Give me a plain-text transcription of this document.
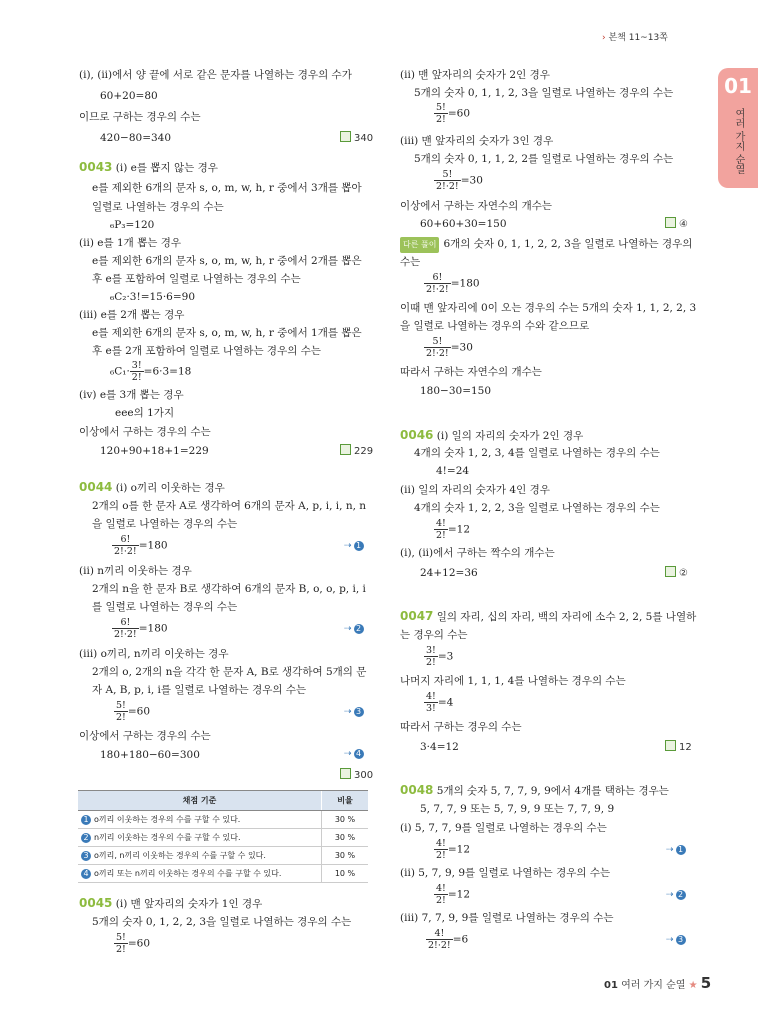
› 본책 11~13쪽
01
여러 가지 순열
(i), (ii)에서 양 끝에 서로 같은 문자를 나열하는 경우의 수가
60+20=80
이므로 구하는 경우의 수는
420−80=340	340
0043 (i) e를 뽑지 않는 경우
e를 제외한 6개의 문자 s, o, m, w, h, r 중에서 3개를 뽑아
일렬로 나열하는 경우의 수는
₆P₃=120
(ii) e를 1개 뽑는 경우
e를 제외한 6개의 문자 s, o, m, w, h, r 중에서 2개를 뽑은
후 e를 포함하여 일렬로 나열하는 경우의 수는
₆C₂·3!=15·6=90
(iii) e를 2개 뽑는 경우
e를 제외한 6개의 문자 s, o, m, w, h, r 중에서 1개를 뽑은
후 e를 2개 포함하여 일렬로 나열하는 경우의 수는
$_6C_1\cdot \frac{3!}{2!} =6\cdot 3=18$
(iv) e를 3개 뽑는 경우
eee의 1가지
이상에서 구하는 경우의 수는
120+90+18+1=229	229
0044 (i) o끼리 이웃하는 경우
2개의 o를 한 문자 A로 생각하여 6개의 문자 A, p, i, i, n, n
을 일렬로 나열하는 경우의 수는
$\frac{6!}{2!\cdot 2!} =180$	⇢ 1
(ii) n끼리 이웃하는 경우
2개의 n을 한 문자 B로 생각하여 6개의 문자 B, o, o, p, i, i
를 일렬로 나열하는 경우의 수는
$\frac{6!}{2!\cdot 2!} =180$	⇢ 2
(iii) o끼리, n끼리 이웃하는 경우
2개의 o, 2개의 n을 각각 한 문자 A, B로 생각하여 5개의 문
자 A, B, p, i, i를 일렬로 나열하는 경우의 수는
$\frac{5!}{2!} =60$	⇢ 3
이상에서 구하는 경우의 수는
180+180−60=300	⇢ 4
300
채점 기준	비율
1 o끼리 이웃하는 경우의 수를 구할 수 있다.	30 %
2 n끼리 이웃하는 경우의 수를 구할 수 있다.	30 %
3 o끼리, n끼리 이웃하는 경우의 수를 구할 수 있다.	30 %
4 o끼리 또는 n끼리 이웃하는 경우의 수를 구할 수 있다.	10 %
0045 (i) 맨 앞자리의 숫자가 1인 경우
5개의 숫자 0, 1, 2, 2, 3을 일렬로 나열하는 경우의 수는
$\frac{5!}{2!} =60$
(ii) 맨 앞자리의 숫자가 2인 경우
5개의 숫자 0, 1, 1, 2, 3을 일렬로 나열하는 경우의 수는
$\frac{5!}{2!} =60$
(iii) 맨 앞자리의 숫자가 3인 경우
5개의 숫자 0, 1, 1, 2, 2를 일렬로 나열하는 경우의 수는
$\frac{5!}{2!\cdot 2!} =30$
이상에서 구하는 자연수의 개수는
60+60+30=150	④
다른 풀이 6개의 숫자 0, 1, 1, 2, 2, 3을 일렬로 나열하는 경우의
수는
$\frac{6!}{2!\cdot 2!} =180$
이때 맨 앞자리에 0이 오는 경우의 수는 5개의 숫자 1, 1, 2, 2, 3
을 일렬로 나열하는 경우의 수와 같으므로
$\frac{5!}{2!\cdot 2!} =30$
따라서 구하는 자연수의 개수는
180−30=150
0046 (i) 일의 자리의 숫자가 2인 경우
4개의 숫자 1, 2, 3, 4를 일렬로 나열하는 경우의 수는
4!=24
(ii) 일의 자리의 숫자가 4인 경우
4개의 숫자 1, 2, 2, 3을 일렬로 나열하는 경우의 수는
$\frac{4!}{2!} =12$
(i), (ii)에서 구하는 짝수의 개수는
24+12=36	②
0047 일의 자리, 십의 자리, 백의 자리에 소수 2, 2, 5를 나열하
는 경우의 수는
$\frac{3!}{2!} =3$
나머지 자리에 1, 1, 1, 4를 나열하는 경우의 수는
$\frac{4!}{3!} =4$
따라서 구하는 경우의 수는
3·4=12	12
0048 5개의 숫자 5, 7, 7, 9, 9에서 4개를 택하는 경우는
5, 7, 7, 9 또는 5, 7, 9, 9 또는 7, 7, 9, 9
(i) 5, 7, 7, 9를 일렬로 나열하는 경우의 수는
$\frac{4!}{2!} =12$	⇢ 1
(ii) 5, 7, 9, 9를 일렬로 나열하는 경우의 수는
$\frac{4!}{2!} =12$	⇢ 2
(iii) 7, 7, 9, 9를 일렬로 나열하는 경우의 수는
$\frac{4!}{2!\cdot 2!} =6$	⇢ 3
01 여러 가지 순열 ★ 5
